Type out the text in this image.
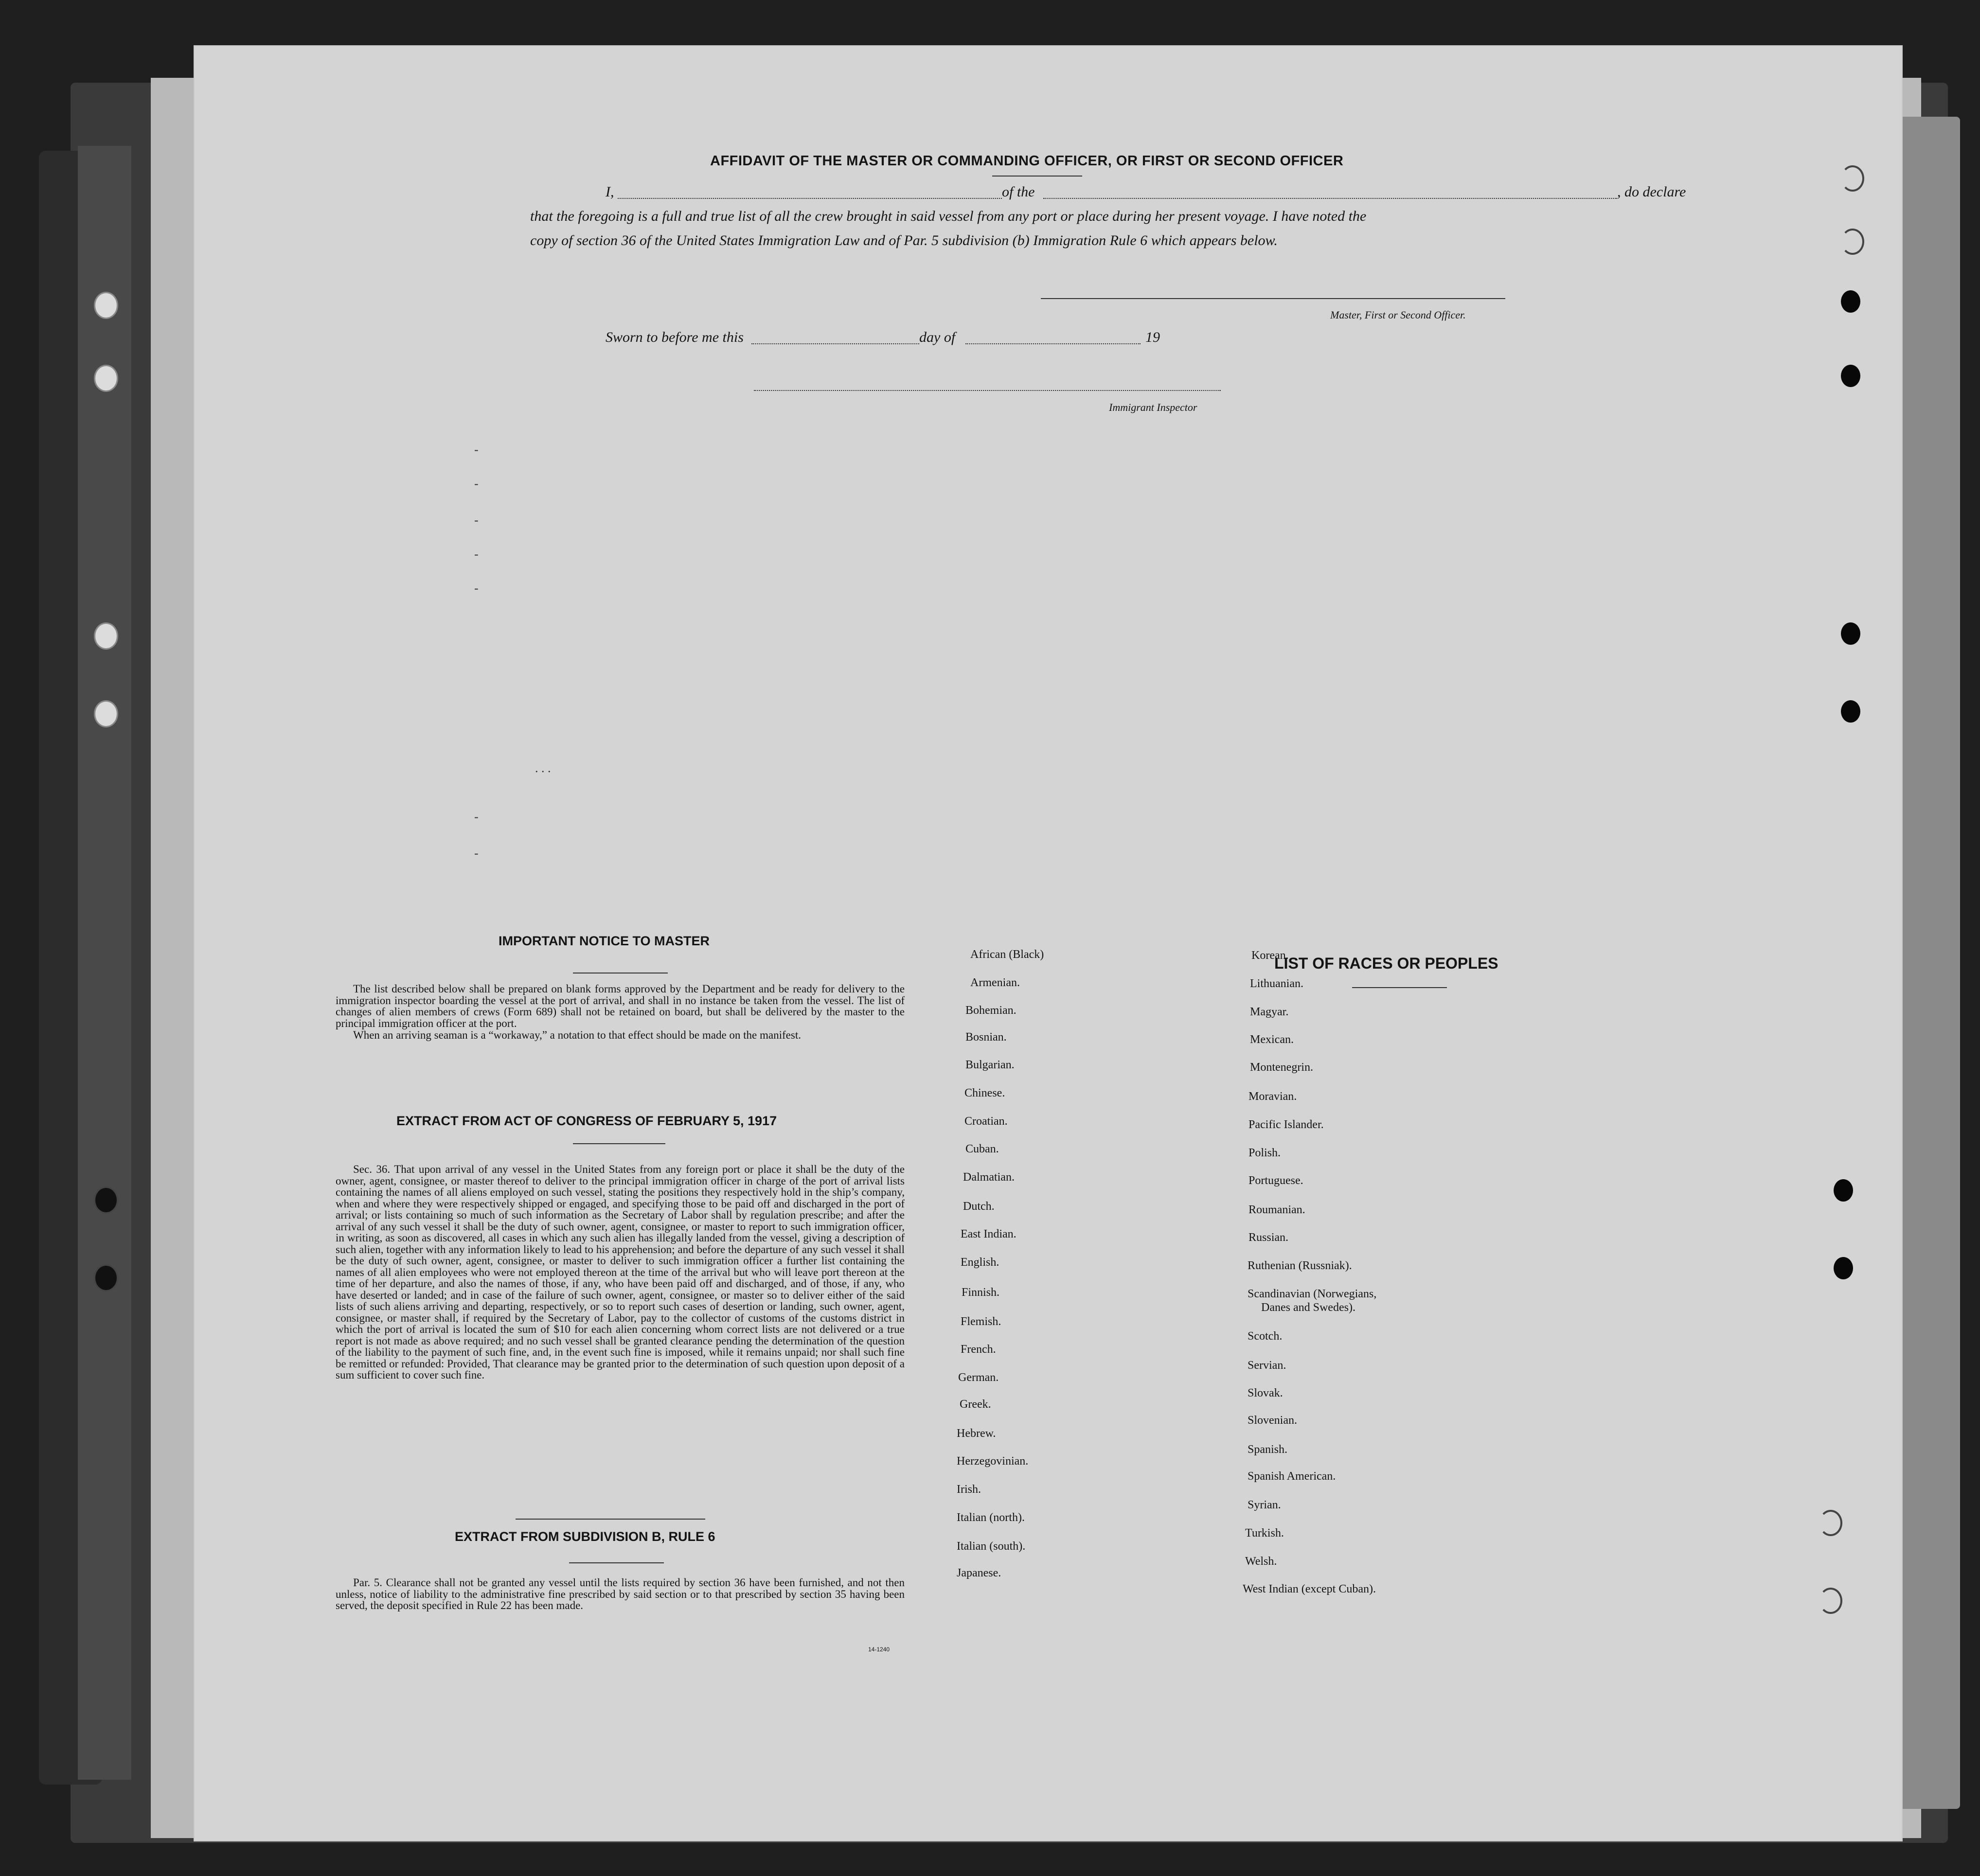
AFFIDAVIT OF THE MASTER OR COMMANDING OFFICER, OR FIRST OR SECOND OFFICER
I,	of the	, do declare
that the foregoing is a full and true list of all the crew brought in said vessel from any port or place during her present voyage. I have noted the
copy of section 36 of the United States Immigration Law and of Par. 5 subdivision (b) Immigration Rule 6 which appears below.
Master, First or Second Officer.
Sworn to before me this	day of	19
Immigrant Inspector
-
-
-
-
-
-
-
. . .
IMPORTANT NOTICE TO MASTER
The list described below shall be prepared on blank forms approved by the Department and be ready for delivery to the immigration inspector boarding the vessel at the port of arrival, and shall in no instance be taken from the vessel. The list of changes of alien members of crews (Form 689) shall not be retained on board, but shall be delivered by the master to the principal immigration officer at the port.
When an arriving seaman is a “workaway,” a notation to that effect should be made on the manifest.
EXTRACT FROM ACT OF CONGRESS OF FEBRUARY 5, 1917
Sec. 36. That upon arrival of any vessel in the United States from any foreign port or place it shall be the duty of the owner, agent, consignee, or master thereof to deliver to the principal immigration officer in charge of the port of arrival lists containing the names of all aliens employed on such vessel, stating the positions they respectively hold in the ship’s company, when and where they were respectively shipped or engaged, and specifying those to be paid off and discharged in the port of arrival; or lists containing so much of such information as the Secretary of Labor shall by regulation prescribe; and after the arrival of any such vessel it shall be the duty of such owner, agent, consignee, or master to report to such immigration officer, in writing, as soon as discovered, all cases in which any such alien has illegally landed from the vessel, giving a description of such alien, together with any information likely to lead to his apprehension; and before the departure of any such vessel it shall be the duty of such owner, agent, consignee, or master to deliver to such immigration officer a further list containing the names of all alien employees who were not employed thereon at the time of the arrival but who will leave port thereon at the time of her departure, and also the names of those, if any, who have been paid off and discharged, and of those, if any, who have deserted or landed; and in case of the failure of such owner, agent, consignee, or master so to deliver either of the said lists of such aliens arriving and departing, respectively, or so to report such cases of desertion or landing, such owner, agent, consignee, or master shall, if required by the Secretary of Labor, pay to the collector of customs of the customs district in which the port of arrival is located the sum of $10 for each alien concerning whom correct lists are not delivered or a true report is not made as above required; and no such vessel shall be granted clearance pending the determination of the question of the liability to the payment of such fine, and, in the event such fine is imposed, while it remains unpaid; nor shall such fine be remitted or refunded: Provided, That clearance may be granted prior to the determination of such question upon deposit of a sum sufficient to cover such fine.
EXTRACT FROM SUBDIVISION B, RULE 6
Par. 5. Clearance shall not be granted any vessel until the lists required by section 36 have been furnished, and not then unless, notice of liability to the administrative fine prescribed by said section or to that prescribed by section 35 having been served, the deposit specified in Rule 22 has been made.
14-1240
LIST OF RACES OR PEOPLES
African (Black)
Armenian.
Bohemian.
Bosnian.
Bulgarian.
Chinese.
Croatian.
Cuban.
Dalmatian.
Dutch.
East Indian.
English.
Finnish.
Flemish.
French.
German.
Greek.
Hebrew.
Herzegovinian.
Irish.
Italian (north).
Italian (south).
Japanese.
Korean.
Lithuanian.
Magyar.
Mexican.
Montenegrin.
Moravian.
Pacific Islander.
Polish.
Portuguese.
Roumanian.
Russian.
Ruthenian (Russniak).
Scandinavian (Norwegians,
Danes and Swedes).
Scotch.
Servian.
Slovak.
Slovenian.
Spanish.
Spanish American.
Syrian.
Turkish.
Welsh.
West Indian (except Cuban).
